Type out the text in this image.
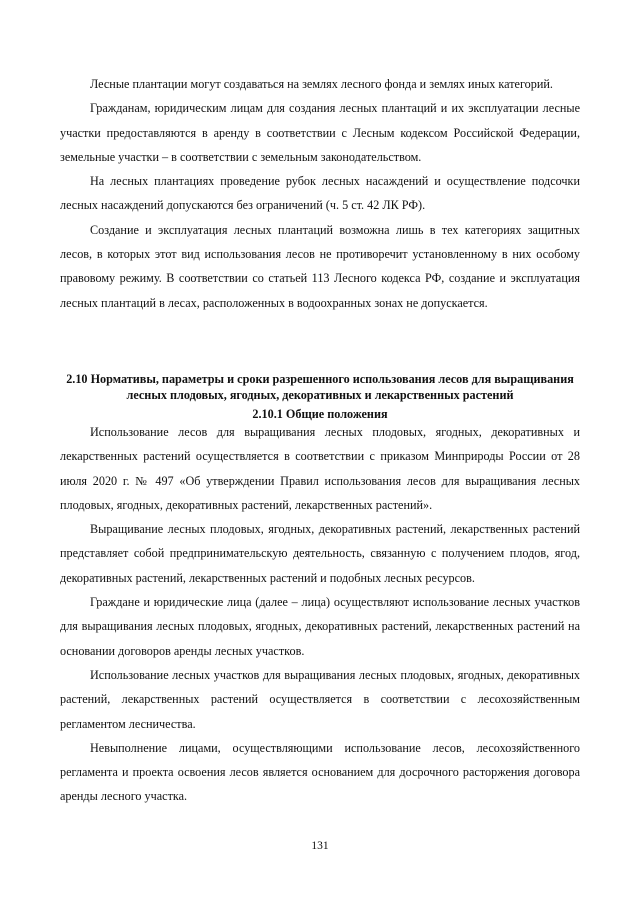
Лесные плантации могут создаваться на землях лесного фонда и землях иных категорий.

Гражданам, юридическим лицам для создания лесных плантаций и их эксплуатации лесные участки предоставляются в аренду в соответствии с Лесным кодексом Российской Федерации, земельные участки – в соответствии с земельным законодательством.

На лесных плантациях проведение рубок лесных насаждений и осуществление подсочки лесных насаждений допускаются без ограничений (ч. 5 ст. 42 ЛК РФ).

Создание и эксплуатация лесных плантаций возможна лишь в тех категориях защитных лесов, в которых этот вид использования лесов не противоречит установленному в них особому правовому режиму. В соответствии со статьей 113 Лесного кодекса РФ, создание и эксплуатация лесных плантаций в лесах, расположенных в водоохранных зонах не допускается.

2.10 Нормативы, параметры и сроки разрешенного использования лесов для выращивания лесных плодовых, ягодных, декоративных и лекарственных растений
2.10.1 Общие положения

Использование лесов для выращивания лесных плодовых, ягодных, декоративных и лекарственных растений осуществляется в соответствии с приказом Минприроды России от 28 июля 2020 г. № 497 «Об утверждении Правил использования лесов для выращивания лесных плодовых, ягодных, декоративных растений, лекарственных растений».

Выращивание лесных плодовых, ягодных, декоративных растений, лекарственных растений представляет собой предпринимательскую деятельность, связанную с получением плодов, ягод, декоративных растений, лекарственных растений и подобных лесных ресурсов.

Граждане и юридические лица (далее – лица) осуществляют использование лесных участков для выращивания лесных плодовых, ягодных, декоративных растений, лекарственных растений на основании договоров аренды лесных участков.

Использование лесных участков для выращивания лесных плодовых, ягодных, декоративных растений, лекарственных растений осуществляется в соответствии с лесохозяйственным регламентом лесничества.

Невыполнение лицами, осуществляющими использование лесов, лесохозяйственного регламента и проекта освоения лесов является основанием для досрочного расторжения договора аренды лесного участка.

131
